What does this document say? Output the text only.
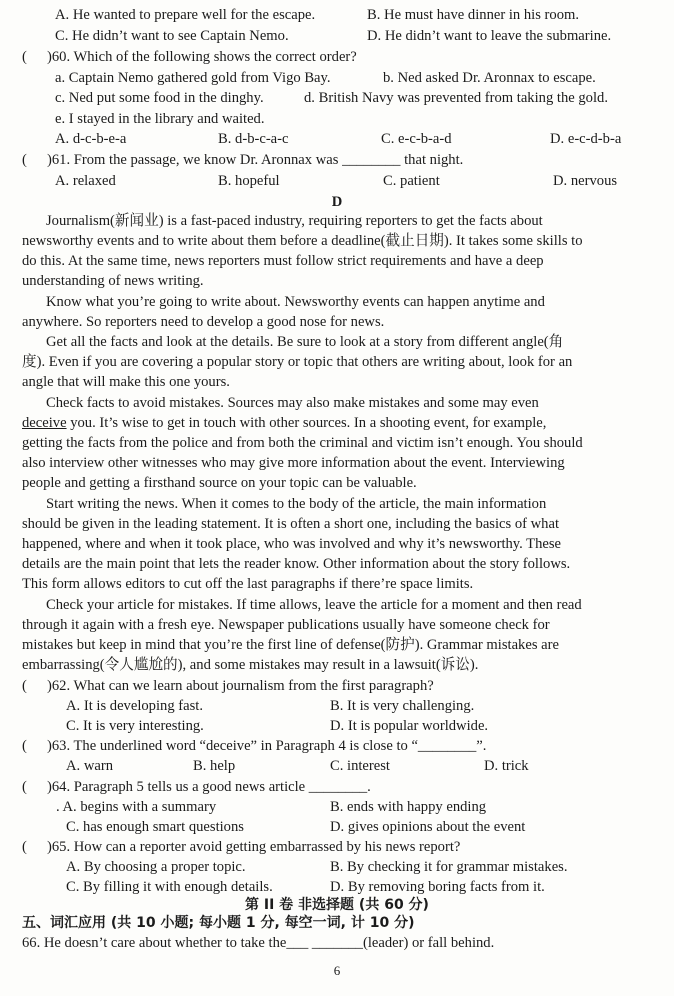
A. He wanted to prepare well for the escape.	B. He must have dinner in his room.
C. He didn’t want to see Captain Nemo.	D. He didn’t want to leave the submarine.
( )60. Which of the following shows the correct order?
a. Captain Nemo gathered gold from Vigo Bay.	b. Ned asked Dr. Aronnax to escape.
c. Ned put some food in the dinghy.	d. British Navy was prevented from taking the gold.
e. I stayed in the library and waited.
A. d-c-b-e-a	B. d-b-c-a-c	C. e-c-b-a-d	D. e-c-d-b-a
( )61. From the passage, we know Dr. Aronnax was ________ that night.
A. relaxed	B. hopeful	C. patient	D. nervous
D
Journalism(新闻业) is a fast-paced industry, requiring reporters to get the facts about
newsworthy events and to write about them before a deadline(截止日期). It takes some skills to
do this. At the same time, news reporters must follow strict requirements and have a deep
understanding of news writing.
Know what you’re going to write about. Newsworthy events can happen anytime and
anywhere. So reporters need to develop a good nose for news.
Get all the facts and look at the details. Be sure to look at a story from different angle(角
度). Even if you are covering a popular story or topic that others are writing about, look for an
angle that will make this one yours.
Check facts to avoid mistakes. Sources may also make mistakes and some may even
deceive you. It’s wise to get in touch with other sources. In a shooting event, for example,
getting the facts from the police and from both the criminal and victim isn’t enough. You should
also interview other witnesses who may give more information about the event. Interviewing
people and getting a firsthand source on your topic can be valuable.
Start writing the news. When it comes to the body of the article, the main information
should be given in the leading statement. It is often a short one, including the basics of what
happened, where and when it took place, who was involved and why it’s newsworthy. These
details are the main point that lets the reader know. Other information about the story follows.
This form allows editors to cut off the last paragraphs if there’re space limits.
Check your article for mistakes. If time allows, leave the article for a moment and then read
through it again with a fresh eye. Newspaper publications usually have someone check for
mistakes but keep in mind that you’re the first line of defense(防护). Grammar mistakes are
embarrassing(令人尴尬的), and some mistakes may result in a lawsuit(诉讼).
( )62. What can we learn about journalism from the first paragraph?
A. It is developing fast.	B. It is very challenging.
C. It is very interesting.	D. It is popular worldwide.
( )63. The underlined word “deceive” in Paragraph 4 is close to “________”.
A. warn	B. help	C. interest	D. trick
( )64. Paragraph 5 tells us a good news article ________.
. A. begins with a summary	B. ends with happy ending
C. has enough smart questions	D. gives opinions about the event
( )65. How can a reporter avoid getting embarrassed by his news report?
A. By choosing a proper topic.	B. By checking it for grammar mistakes.
C. By filling it with enough details.	D. By removing boring facts from it.
第 II 卷 非选择题 (共 60 分)
五、词汇应用 (共 10 小题; 每小题 1 分, 每空一词, 计 10 分)
66. He doesn’t care about whether to take the___ _______(leader) or fall behind.
6
